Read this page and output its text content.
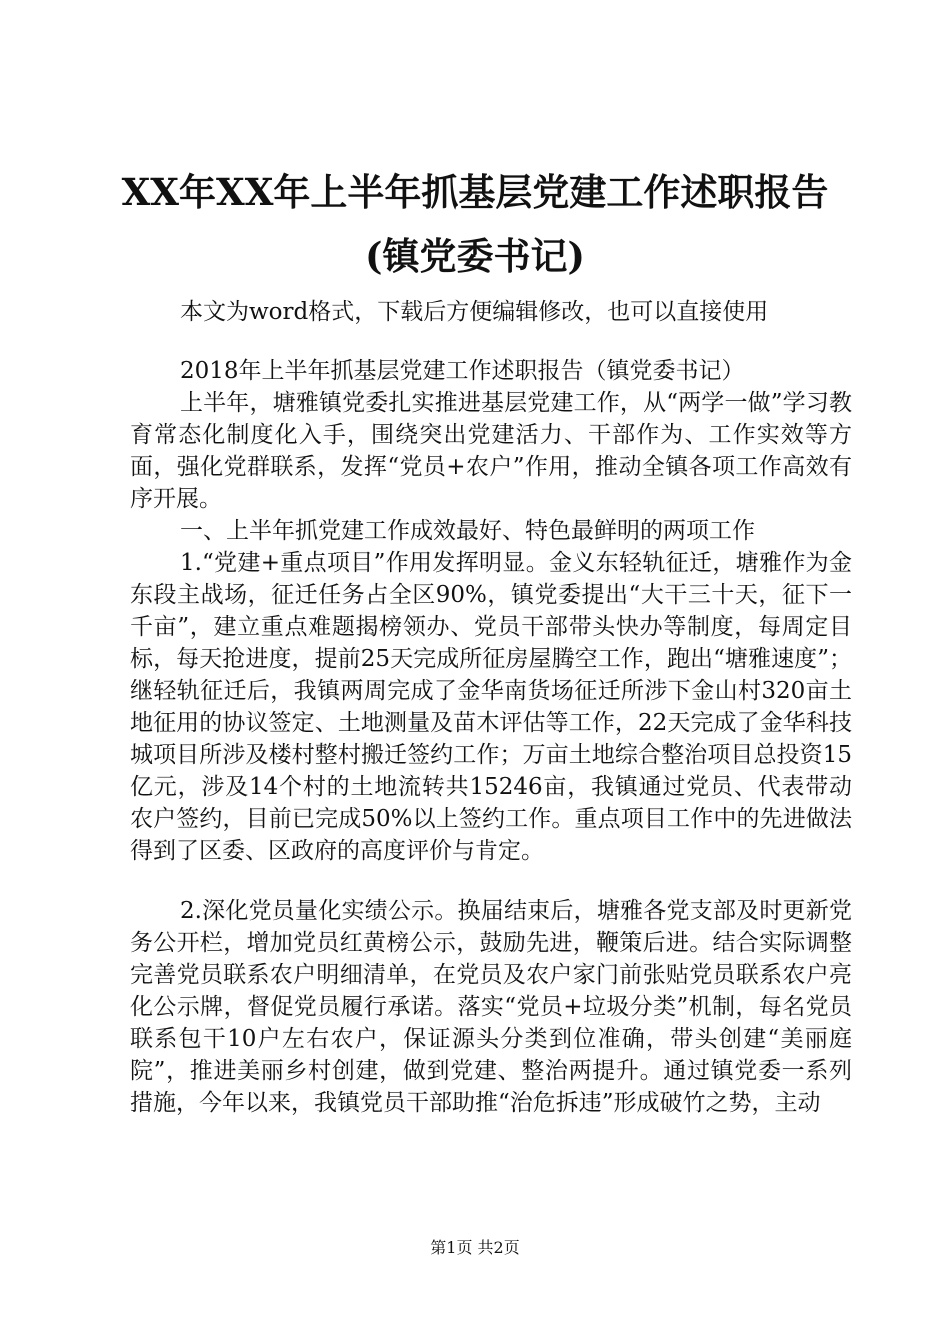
XX年XX年上半年抓基层党建工作述职报告(镇党委书记)
本文为word格式，下载后方便编辑修改，也可以直接使用

2018年上半年抓基层党建工作述职报告（镇党委书记）

上半年，塘雅镇党委扎实推进基层党建工作，从“两学一做”学习教育常态化制度化入手，围绕突出党建活力、干部作为、工作实效等方面，强化党群联系，发挥“党员+农户”作用，推动全镇各项工作高效有序开展。

一、上半年抓党建工作成效最好、特色最鲜明的两项工作

1.“党建+重点项目”作用发挥明显。金义东轻轨征迁，塘雅作为金东段主战场，征迁任务占全区90%，镇党委提出“大干三十天，征下一千亩”，建立重点难题揭榜领办、党员干部带头快办等制度，每周定目标，每天抢进度，提前25天完成所征房屋腾空工作，跑出“塘雅速度”；继轻轨征迁后，我镇两周完成了金华南货场征迁所涉下金山村320亩土地征用的协议签定、土地测量及苗木评估等工作，22天完成了金华科技城项目所涉及楼村整村搬迁签约工作；万亩土地综合整治项目总投资15亿元，涉及14个村的土地流转共15246亩，我镇通过党员、代表带动农户签约，目前已完成50%以上签约工作。重点项目工作中的先进做法得到了区委、区政府的高度评价与肯定。

2.深化党员量化实绩公示。换届结束后，塘雅各党支部及时更新党务公开栏，增加党员红黄榜公示，鼓励先进，鞭策后进。结合实际调整完善党员联系农户明细清单，在党员及农户家门前张贴党员联系农户亮化公示牌，督促党员履行承诺。落实“党员+垃圾分类”机制，每名党员联系包干10户左右农户，保证源头分类到位准确，带头创建“美丽庭院”，推进美丽乡村创建，做到党建、整治两提升。通过镇党委一系列措施，今年以来，我镇党员干部助推“治危拆违”形成破竹之势，主动

第1页 共2页
